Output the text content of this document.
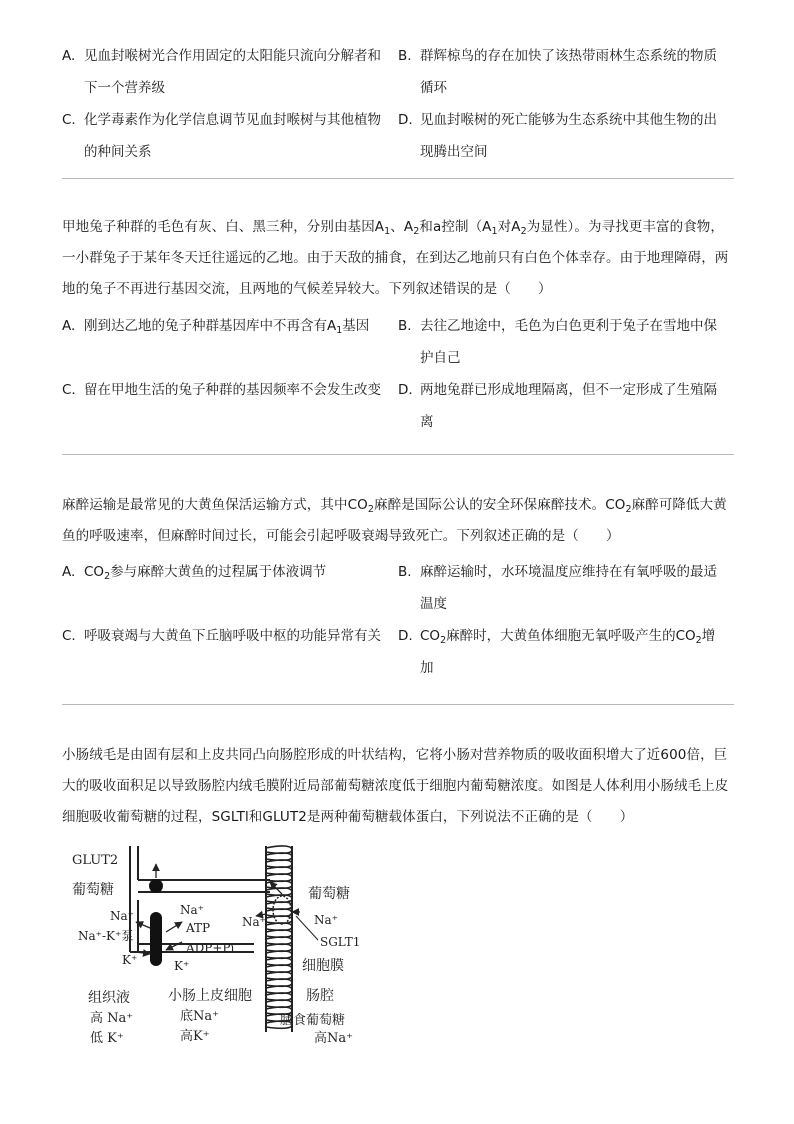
A. 见血封喉树光合作用固定的太阳能只流向分解者和下一个营养级
B. 群辉椋鸟的存在加快了该热带雨林生态系统的物质循环
C. 化学毒素作为化学信息调节见血封喉树与其他植物的种间关系
D. 见血封喉树的死亡能够为生态系统中其他生物的出现腾出空间
甲地兔子种群的毛色有灰、白、黑三种，分别由基因$A_1$、$A_2$和a控制（$A_1$对$A_2$为显性）。为寻找更丰富的食物，一小群兔子于某年冬天迁往遥远的乙地。由于天敌的捕食，在到达乙地前只有白色个体幸存。由于地理障碍，两地的兔子不再进行基因交流，且两地的气候差异较大。下列叙述错误的是（　　）
A. 刚到达乙地的兔子种群基因库中不再含有$A_1$基因	B. 去往乙地途中，毛色为白色更利于兔子在雪地中保护自己
C. 留在甲地生活的兔子种群的基因频率不会发生改变	D. 两地兔群已形成地理隔离，但不一定形成了生殖隔离
麻醉运输是最常见的大黄鱼保活运输方式，其中$CO_2$麻醉是国际公认的安全环保麻醉技术。$CO_2$麻醉可降低大黄鱼的呼吸速率，但麻醉时间过长，可能会引起呼吸衰竭导致死亡。下列叙述正确的是（　　）
A. $CO_2$参与麻醉大黄鱼的过程属于体液调节	B. 麻醉运输时，水环境温度应维持在有氧呼吸的最适温度
C. 呼吸衰竭与大黄鱼下丘脑呼吸中枢的功能异常有关	D. $CO_2$麻醉时，大黄鱼体细胞无氧呼吸产生的$CO_2$增加
小肠绒毛是由固有层和上皮共同凸向肠腔形成的叶状结构，它将小肠对营养物质的吸收面积增大了近600倍，巨大的吸收面积足以导致肠腔内绒毛膜附近局部葡萄糖浓度低于细胞内葡萄糖浓度。如图是人体利用小肠绒毛上皮细胞吸收葡萄糖的过程，SGLTl和GLUT2是两种葡萄糖载体蛋白，下列说法不正确的是（　　）
GLUT2
葡萄糖
Na⁺	Na⁺
Na⁺-K⁺泵
ATP
ADP+Pi
K⁺	K⁺
葡萄糖
Na⁺	Na⁺
SGLT1
细胞膜
组织液
高 Na⁺
低 K⁺
小肠上皮细胞
底Na⁺
高K⁺
肠腔
膳食葡萄糖
高Na⁺
